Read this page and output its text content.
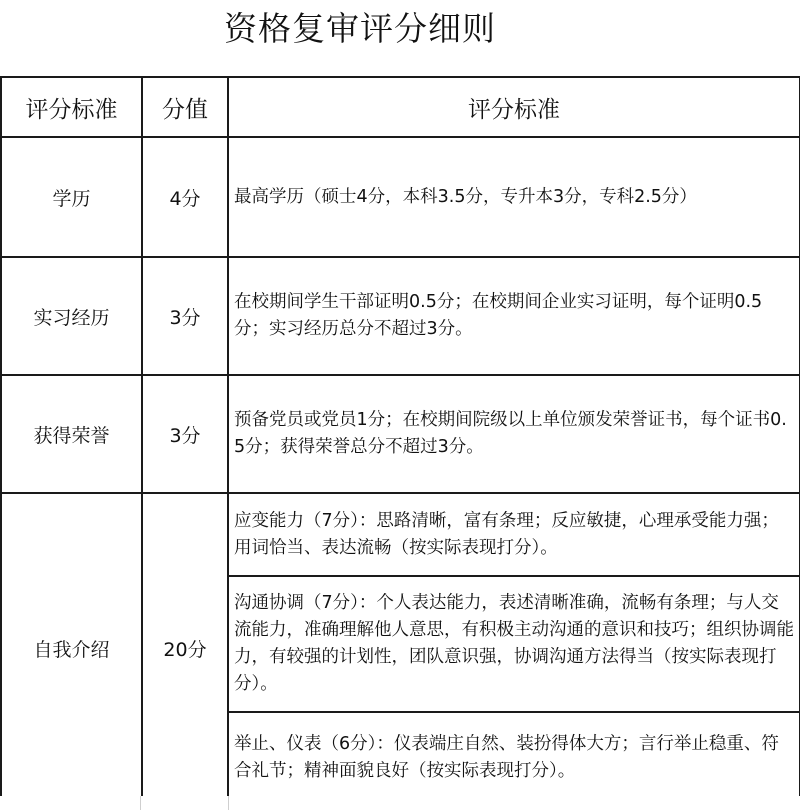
资格复审评分细则
评分标准	分值	评分标准
学历	4分	最高学历（硕士4分，本科3.5分，专升本3分，专科2.5分）
实习经历	3分	在校期间学生干部证明0.5分；在校期间企业实习证明，每个证明0.5分；实习经历总分不超过3分。
获得荣誉	3分	预备党员或党员1分；在校期间院级以上单位颁发荣誉证书，每个证书0.5分；获得荣誉总分不超过3分。
自我介绍	20分	应变能力（7分）：思路清晰，富有条理；反应敏捷，心理承受能力强；用词恰当、表达流畅（按实际表现打分）。
		沟通协调（7分）：个人表达能力，表述清晰准确，流畅有条理；与人交流能力，准确理解他人意思，有积极主动沟通的意识和技巧；组织协调能力，有较强的计划性，团队意识强，协调沟通方法得当（按实际表现打分）。
		举止、仪表（6分）：仪表端庄自然、装扮得体大方；言行举止稳重、符合礼节；精神面貌良好（按实际表现打分）。
